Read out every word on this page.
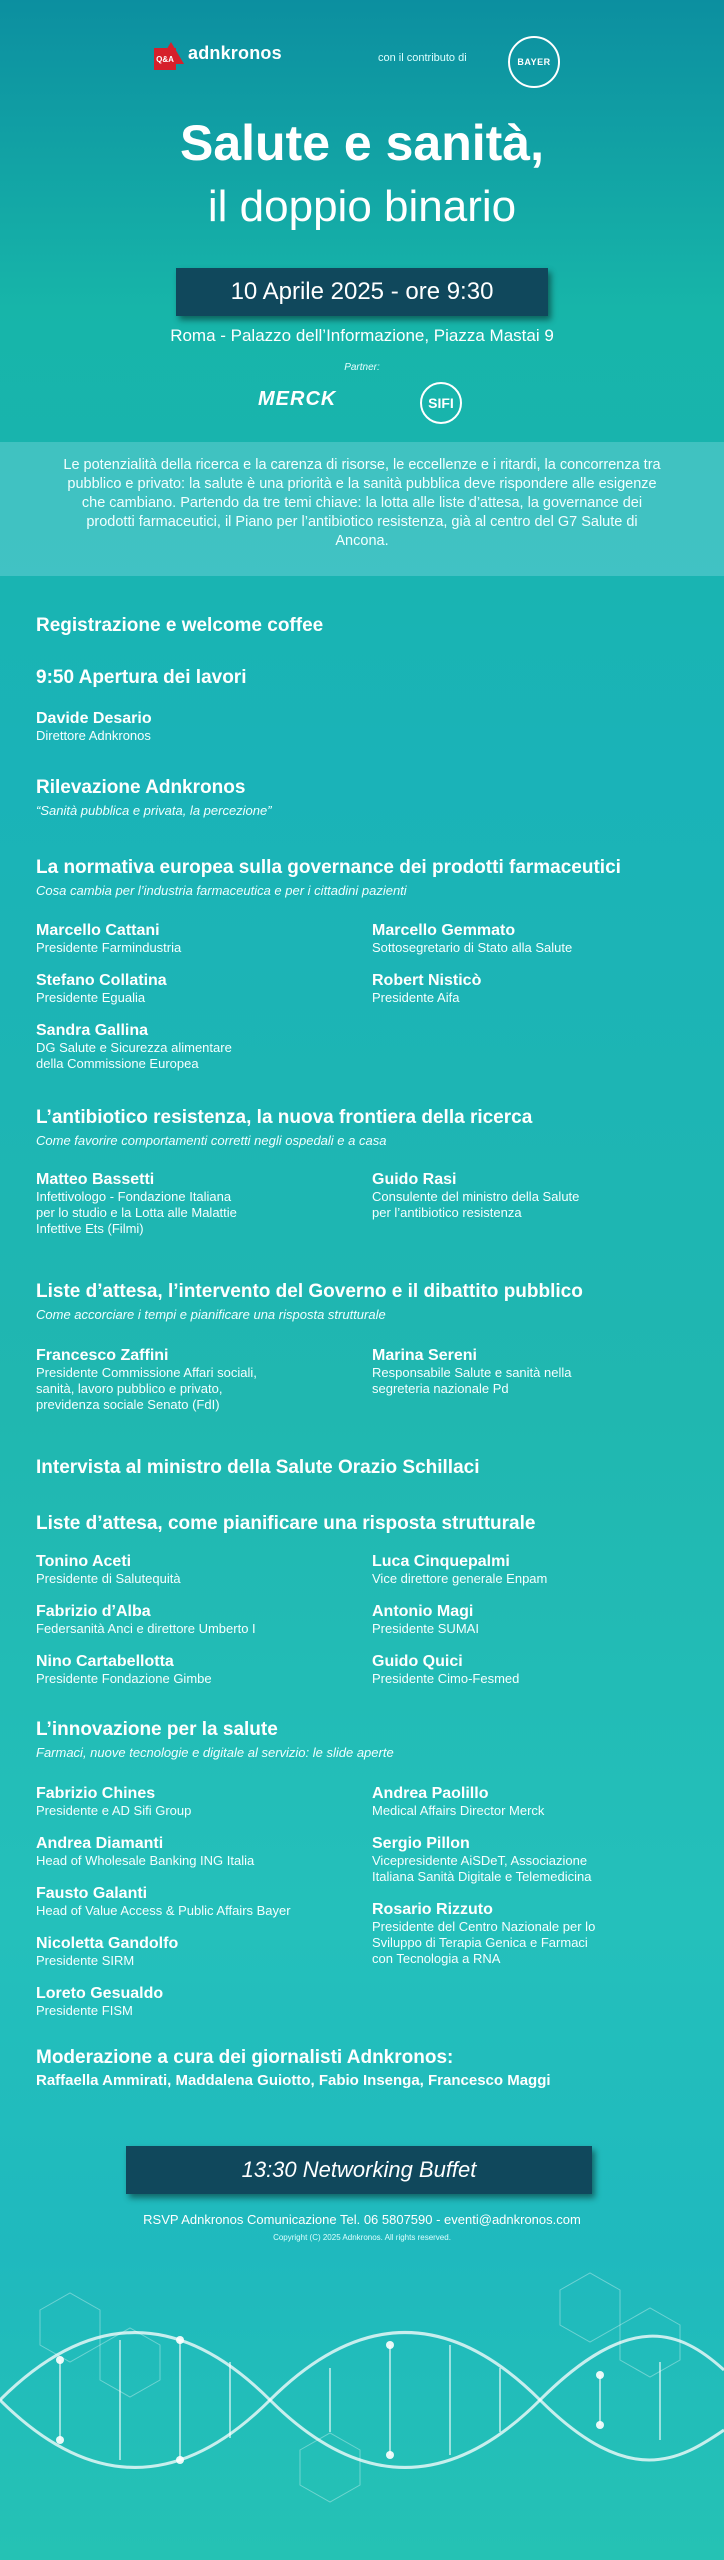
adnkronos
Q&A	con il contributo di	BAYER
Salute e sanità,
il doppio binario
10 Aprile 2025 - ore 9:30
Roma - Palazzo dell’Informazione, Piazza Mastai 9
Partner:
MERCK	SIFI
Le potenzialità della ricerca e la carenza di risorse, le eccellenze e i ritardi, la concorrenza tra pubblico e privato: la salute è una priorità e la sanità pubblica deve rispondere alle esigenze che cambiano. Partendo da tre temi chiave: la lotta alle liste d’attesa, la governance dei prodotti farmaceutici, il Piano per l’antibiotico resistenza, già al centro del G7 Salute di Ancona.
Registrazione e welcome coffee
9:50 Apertura dei lavori
Davide Desario
Direttore Adnkronos
Rilevazione Adnkronos
“Sanità pubblica e privata, la percezione”
La normativa europea sulla governance dei prodotti farmaceutici
Cosa cambia per l’industria farmaceutica e per i cittadini pazienti
Marcello Cattani
Presidente Farmindustria
Marcello Gemmato
Sottosegretario di Stato alla Salute
Stefano Collatina
Presidente Egualia
Robert Nisticò
Presidente Aifa
Sandra Gallina
DG Salute e Sicurezza alimentare
della Commissione Europea
L’antibiotico resistenza, la nuova frontiera della ricerca
Come favorire comportamenti corretti negli ospedali e a casa
Matteo Bassetti
Infettivologo - Fondazione Italiana
per lo studio e la Lotta alle Malattie
Infettive Ets (Filmi)
Guido Rasi
Consulente del ministro della Salute
per l’antibiotico resistenza
Liste d’attesa, l’intervento del Governo e il dibattito pubblico
Come accorciare i tempi e pianificare una risposta strutturale
Francesco Zaffini
Presidente Commissione Affari sociali,
sanità, lavoro pubblico e privato,
previdenza sociale Senato (FdI)
Marina Sereni
Responsabile Salute e sanità nella
segreteria nazionale Pd
Intervista al ministro della Salute Orazio Schillaci
Liste d’attesa, come pianificare una risposta strutturale
Tonino Aceti
Presidente di Salutequità
Luca Cinquepalmi
Vice direttore generale Enpam
Fabrizio d’Alba
Federsanità Anci e direttore Umberto I
Antonio Magi
Presidente SUMAI
Nino Cartabellotta
Presidente Fondazione Gimbe
Guido Quici
Presidente Cimo-Fesmed
L’innovazione per la salute
Farmaci, nuove tecnologie e digitale al servizio: le slide aperte
Fabrizio Chines
Presidente e AD Sifi Group
Andrea Paolillo
Medical Affairs Director Merck
Andrea Diamanti
Head of Wholesale Banking ING Italia
Sergio Pillon
Vicepresidente AiSDeT, Associazione
Italiana Sanità Digitale e Telemedicina
Fausto Galanti
Head of Value Access & Public Affairs Bayer	Rosario Rizzuto
Presidente del Centro Nazionale per lo
Sviluppo di Terapia Genica e Farmaci
con Tecnologia a RNA
Nicoletta Gandolfo
Presidente SIRM
Loreto Gesualdo
Presidente FISM
Moderazione a cura dei giornalisti Adnkronos:
Raffaella Ammirati, Maddalena Guiotto, Fabio Insenga, Francesco Maggi
13:30 Networking Buffet
RSVP Adnkronos Comunicazione Tel. 06 5807590 - eventi@adnkronos.com
Copyright (C) 2025 Adnkronos. All rights reserved.
